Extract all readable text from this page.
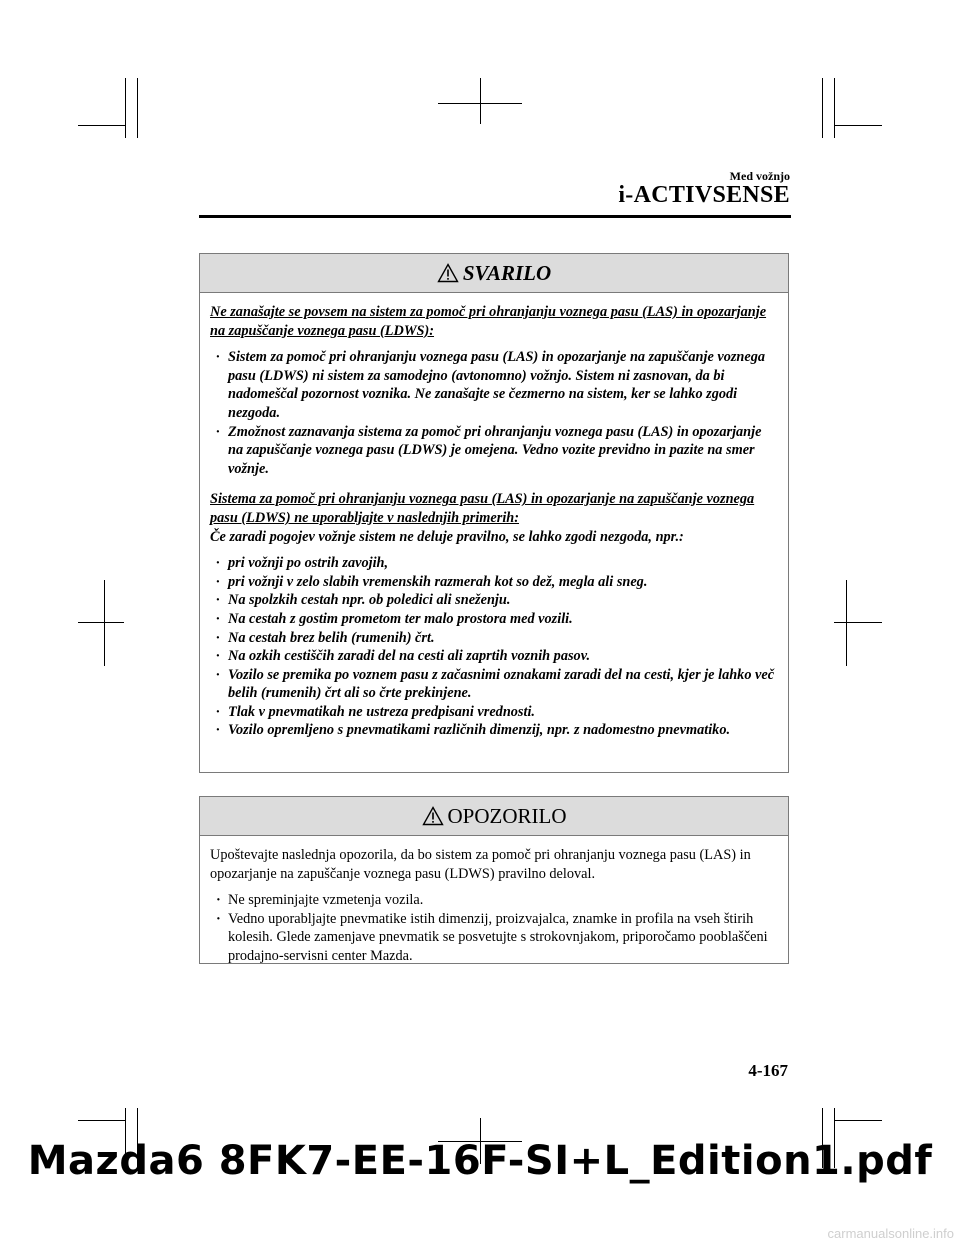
Med vožnjo
i-ACTIVSENSE
SVARILO
Ne zanašajte se povsem na sistem za pomoč pri ohranjanju voznega pasu (LAS) in opozarjanje na zapuščanje voznega pasu (LDWS):
· Sistem za pomoč pri ohranjanju voznega pasu (LAS) in opozarjanje na zapuščanje voznega pasu (LDWS) ni sistem za samodejno (avtonomno) vožnjo. Sistem ni zasnovan, da bi nadomeščal pozornost voznika. Ne zanašajte se čezmerno na sistem, ker se lahko zgodi nezgoda.
· Zmožnost zaznavanja sistema za pomoč pri ohranjanju voznega pasu (LAS) in opozarjanje na zapuščanje voznega pasu (LDWS) je omejena. Vedno vozite previdno in pazite na smer vožnje.
Sistema za pomoč pri ohranjanju voznega pasu (LAS) in opozarjanje na zapuščanje voznega pasu (LDWS) ne uporabljajte v naslednjih primerih:
Če zaradi pogojev vožnje sistem ne deluje pravilno, se lahko zgodi nezgoda, npr.:
· pri vožnji po ostrih zavojih,
· pri vožnji v zelo slabih vremenskih razmerah kot so dež, megla ali sneg.
· Na spolzkih cestah npr. ob poledici ali sneženju.
· Na cestah z gostim prometom ter malo prostora med vozili.
· Na cestah brez belih (rumenih) črt.
· Na ozkih cestiščih zaradi del na cesti ali zaprtih voznih pasov.
· Vozilo se premika po voznem pasu z začasnimi oznakami zaradi del na cesti, kjer je lahko več belih (rumenih) črt ali so črte prekinjene.
· Tlak v pnevmatikah ne ustreza predpisani vrednosti.
· Vozilo opremljeno s pnevmatikami različnih dimenzij, npr. z nadomestno pnevmatiko.
OPOZORILO
Upoštevajte naslednja opozorila, da bo sistem za pomoč pri ohranjanju voznega pasu (LAS) in opozarjanje na zapuščanje voznega pasu (LDWS) pravilno deloval.
· Ne spreminjajte vzmetenja vozila.
· Vedno uporabljajte pnevmatike istih dimenzij, proizvajalca, znamke in profila na vseh štirih kolesih. Glede zamenjave pnevmatik se posvetujte s strokovnjakom, priporočamo pooblaščeni prodajno-servisni center Mazda.
4-167
Mazda6 8FK7-EE-16F-SI+L_Edition1.pdf
carmanualsonline.info
